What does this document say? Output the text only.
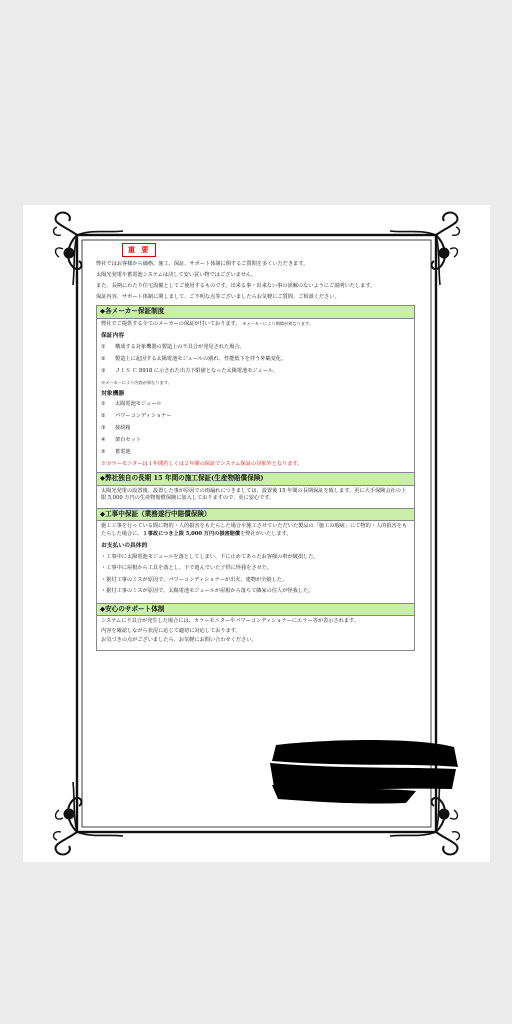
重 要

弊社ではお客様から価格、施工、保証、サポート体制に関するご質問を多くいただきます。

太陽光発電や蓄電池システムは決して安い買い物ではございません。

また、長期にわたり住宅設備としてご使用するものです。出来る事・出来ない事の誤解のないようにご説明いたします。

保証内容、サポート体制に関しまして、ご不明な点等ございましたらお気軽にご質問、ご相談ください。

◆各メーカー保証制度

弊社でご提供する全てのメーカーの保証が付いております。 ※メーカーにより期間が異なります。

保証内容
①	構成する対象機器の製造上の不具合が発見された場合。
②	製造上に起因する太陽電池モジュールの割れ、性能低下を伴う外観変化。
③	ＪＩＳ Ｃ 8918 に示された出力下限値となった太陽電池モジュール。
※メーカーにより内容が異なります。
対象機器
①	太陽電池モジュール
②	パワーコンディショナー
③	接続箱
④	架台セット
⑤	蓄電池
※カラーモニターは１年間若しくは２年間の保証でシステム保証の対象外となります。
◆弊社独自の長期 15 年間の施工保証(生産物賠償保険)

太陽光発電の設置後、設置した事が原因での雨漏れにつきましては、設置後 15 年間の長期保証を致します。更に大手保険会社の上限 5,000 万円の生産物賠償保険に加入しておりますので、更に安心です。

◆工事中保証（業務遂行中賠償保険）

施工工事を行っている間に物的・人的損害をもたらした場合や施工させていただいた製品の「施工の瑕疵」にて物的・人的損害をもたらした場合に、１事故につき上限 5,000 万円の損害賠償を弊社がいたします。

お支払いの具体的
・工事中に太陽電池モジュールを落としてしまい、下に止めてあったお客様の車が破損した。
・工事中に屋根から工具を落とし、下で遊んでいた子供に怪我をさせた。
・据付工事のミスが原因で、パワーコンディショナーが出火、建物が全焼した。
・据付工事のミスが原因で、太陽電池モジュールが屋根から落ちて隣家の住人が怪我した。
◆安心のサポート体制

システムに不具合が発生した場合には、カラーモニターやパワーコンディショナーにエラー等が表示されます。

内容を確認しながら状況に応じて適切に対応しております。

お気づきの点がございましたら、お気軽にお問い合わせください。
